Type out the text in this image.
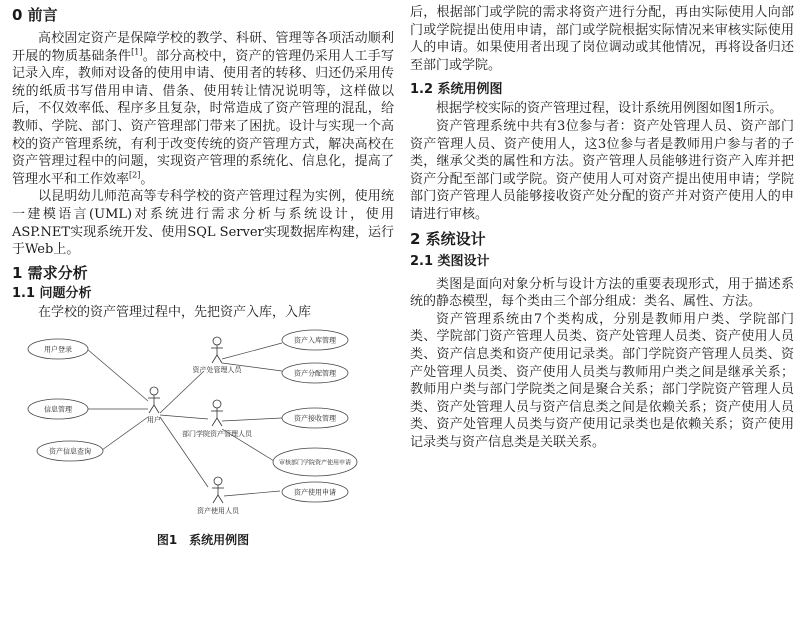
0 前言

高校固定资产是保障学校的教学、科研、管理等各项活动顺利开展的物质基础条件[1]。部分高校中，资产的管理仍采用人工手写记录入库，教师对设备的使用申请、使用者的转移、归还仍采用传统的纸质书写借用申请、借条、使用转让情况说明等，这样做以后，不仅效率低、程序多且复杂，时常造成了资产管理的混乱，给教师、学院、部门、资产管理部门带来了困扰。设计与实现一个高校的资产管理系统，有利于改变传统的资产管理方式，解决高校在资产管理过程中的问题，实现资产管理的系统化、信息化，提高了管理水平和工作效率[2]。

以昆明幼儿师范高等专科学校的资产管理过程为实例，使用统一建模语言(UML)对系统进行需求分析与系统设计，使用ASP.NET实现系统开发、使用SQL Server实现数据库构建，运行于Web上。

1 需求分析
1.1 问题分析

在学校的资产管理过程中，先把资产入库，入库

用户登录
信息管理
资产信息查询
资产入库管理
资产分配管理
资产接收管理
审核部门学院资产使用申请
资产使用申请
用户
资产处管理人员
部门学院资产管理人员
资产使用人员
图1　系统用例图

后，根据部门或学院的需求将资产进行分配，再由实际使用人向部门或学院提出使用申请，部门或学院根据实际情况来审核实际使用人的申请。如果使用者出现了岗位调动或其他情况，再将设备归还至部门或学院。

1.2 系统用例图

根据学校实际的资产管理过程，设计系统用例图如图1所示。

资产管理系统中共有3位参与者：资产处管理人员、资产部门资产管理人员、资产使用人，这3位参与者是教师用户参与者的子类，继承父类的属性和方法。资产管理人员能够进行资产入库并把资产分配至部门或学院。资产使用人可对资产提出使用申请；学院部门资产管理人员能够接收资产处分配的资产并对资产使用人的申请进行审核。

2 系统设计
2.1 类图设计

类图是面向对象分析与设计方法的重要表现形式，用于描述系统的静态模型，每个类由三个部分组成：类名、属性、方法。

资产管理系统由7个类构成，分别是教师用户类、学院部门类、学院部门资产管理人员类、资产处管理人员类、资产使用人员类、资产信息类和资产使用记录类。部门学院资产管理人员类、资产处管理人员类、资产使用人员类与教师用户类之间是继承关系；教师用户类与部门学院类之间是聚合关系；部门学院资产管理人员类、资产处管理人员与资产信息类之间是依赖关系；资产使用人员类、资产处管理人员类与资产使用记录类也是依赖关系；资产使用记录类与资产信息类是关联关系。
